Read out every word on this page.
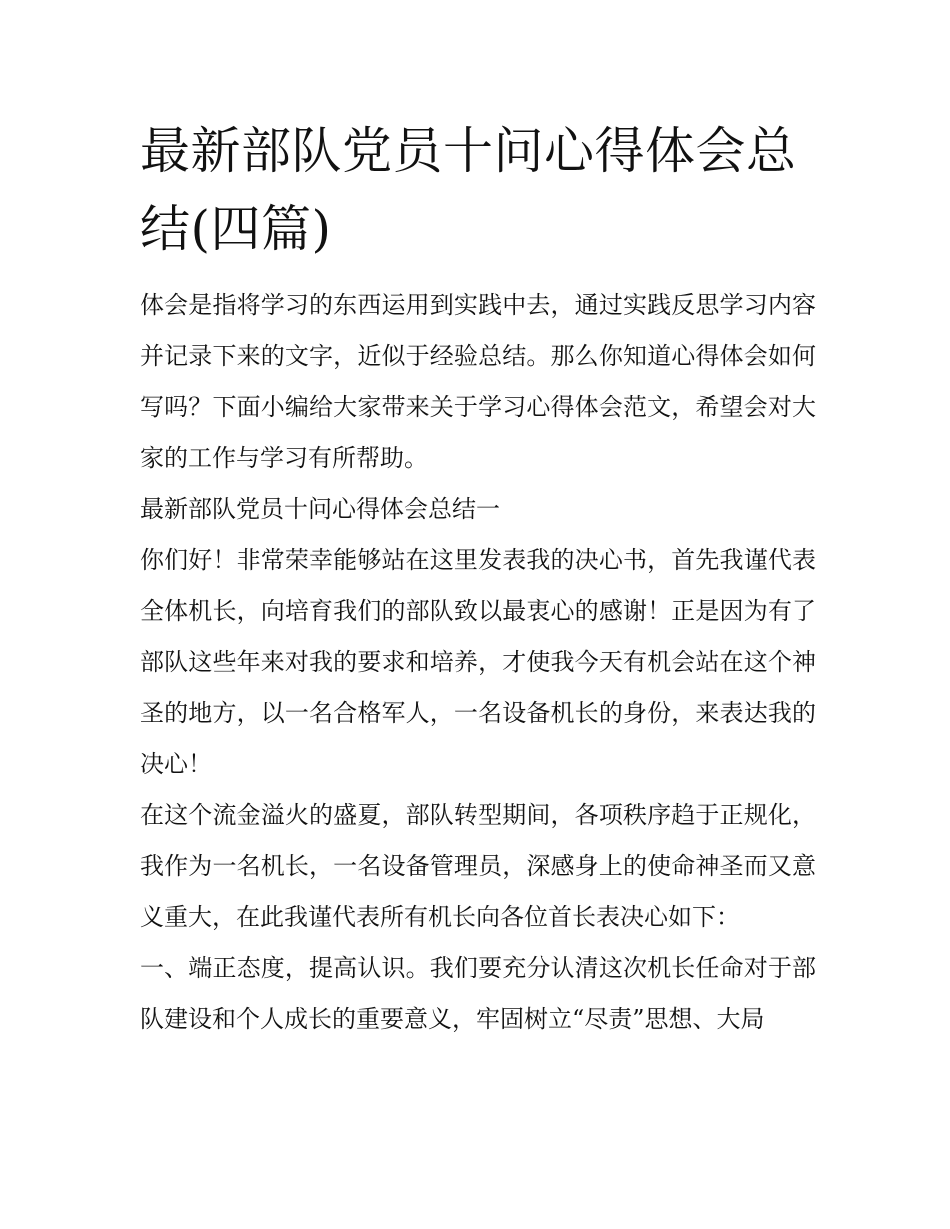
最新部队党员十问心得体会总结(四篇)

体会是指将学习的东西运用到实践中去，通过实践反思学习内容并记录下来的文字，近似于经验总结。那么你知道心得体会如何写吗？下面小编给大家带来关于学习心得体会范文，希望会对大家的工作与学习有所帮助。

最新部队党员十问心得体会总结一

你们好！非常荣幸能够站在这里发表我的决心书，首先我谨代表全体机长，向培育我们的部队致以最衷心的感谢！正是因为有了部队这些年来对我的要求和培养，才使我今天有机会站在这个神圣的地方，以一名合格军人，一名设备机长的身份，来表达我的决心！

在这个流金溢火的盛夏，部队转型期间，各项秩序趋于正规化，我作为一名机长，一名设备管理员，深感身上的使命神圣而又意义重大，在此我谨代表所有机长向各位首长表决心如下：

一、端正态度，提高认识。我们要充分认清这次机长任命对于部队建设和个人成长的重要意义，牢固树立“尽责”思想、大局
